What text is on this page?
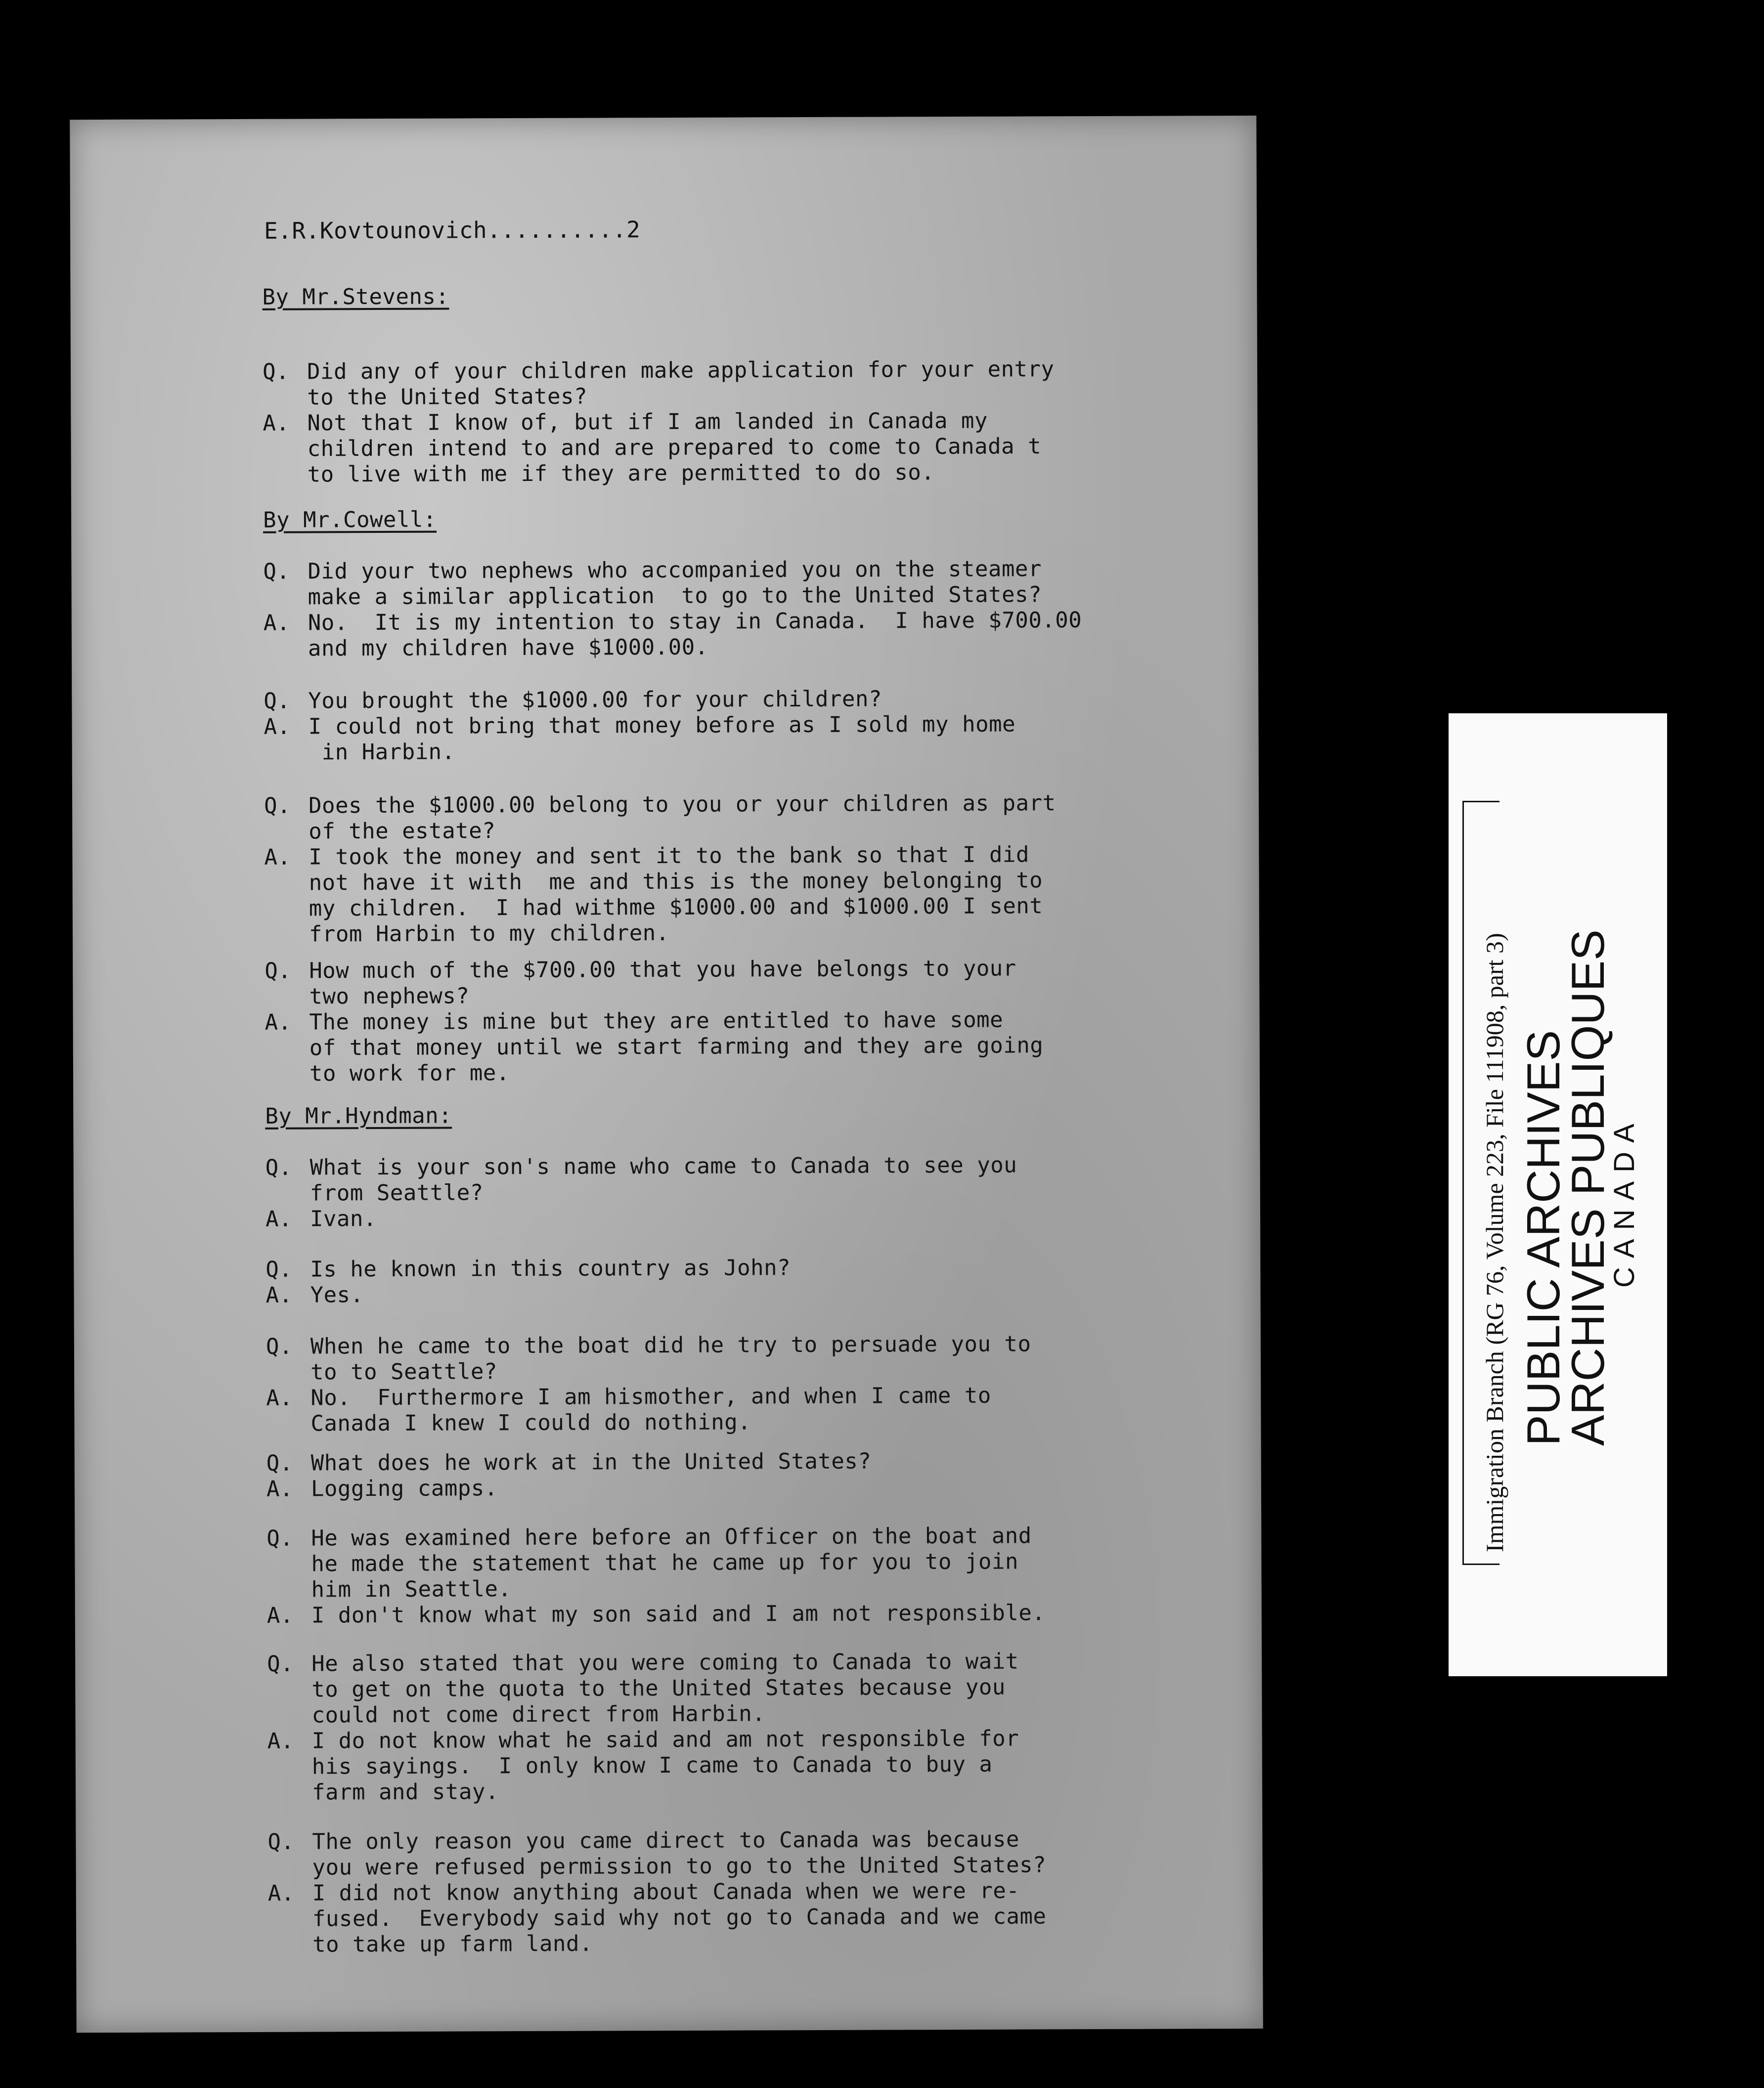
E.R.Kovtounovich..........2
By Mr.Stevens:
Q. Did any of your children make application for your entry
to the United States?
A. Not that I know of, but if I am landed in Canada my
children intend to and are prepared to come to Canada t
to live with me if they are permitted to do so.
By Mr.Cowell:
Q. Did your two nephews who accompanied you on the steamer
make a similar application  to go to the United States?
A. No.  It is my intention to stay in Canada.  I have $700.00
and my children have $1000.00.
Q. You brought the $1000.00 for your children?
A. I could not bring that money before as I sold my home
in Harbin.
Q. Does the $1000.00 belong to you or your children as part
of the estate?
A. I took the money and sent it to the bank so that I did
not have it with  me and this is the money belonging to
my children.  I had withme $1000.00 and $1000.00 I sent
from Harbin to my children.
Q. How much of the $700.00 that you have belongs to your
two nephews?
A. The money is mine but they are entitled to have some
of that money until we start farming and they are going
to work for me.
By Mr.Hyndman:
Q. What is your son's name who came to Canada to see you
from Seattle?
A. Ivan.
Q. Is he known in this country as John?
A. Yes.
Q. When he came to the boat did he try to persuade you to
to to Seattle?
A. No.  Furthermore I am hismother, and when I came to
Canada I knew I could do nothing.
Q. What does he work at in the United States?
A. Logging camps.
Q. He was examined here before an Officer on the boat and
he made the statement that he came up for you to join
him in Seattle.
A. I don't know what my son said and I am not responsible.
Q. He also stated that you were coming to Canada to wait
to get on the quota to the United States because you
could not come direct from Harbin.
A. I do not know what he said and am not responsible for
his sayings.  I only know I came to Canada to buy a
farm and stay.
Q. The only reason you came direct to Canada was because
you were refused permission to go to the United States?
A. I did not know anything about Canada when we were re-
fused.  Everybody said why not go to Canada and we came
to take up farm land.
Immigration Branch (RG 76, Volume 223, File 111908, part 3) PUBLIC ARCHIVES
ARCHIVES PUBLIQUES
CANADA
